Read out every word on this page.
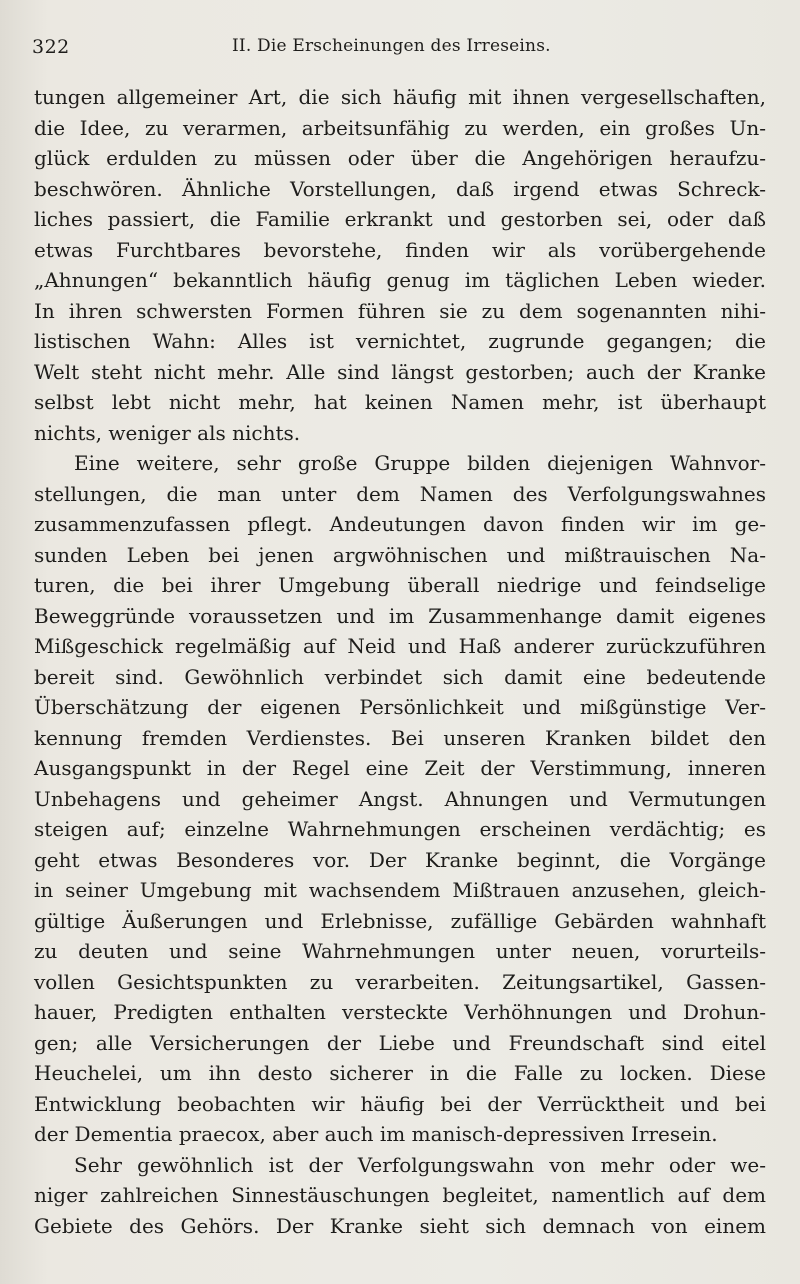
322	II. Die Erscheinungen des Irreseins.
tungen allgemeiner Art, die sich häufig mit ihnen vergesellschaften,
die Idee, zu verarmen, arbeitsunfähig zu werden, ein großes Un-
glück erdulden zu müssen oder über die Angehörigen heraufzu-
beschwören. Ähnliche Vorstellungen, daß irgend etwas Schreck-
liches passiert, die Familie erkrankt und gestorben sei, oder daß
etwas Furchtbares bevorstehe, finden wir als vorübergehende
„Ahnungen“ bekanntlich häufig genug im täglichen Leben wieder.
In ihren schwersten Formen führen sie zu dem sogenannten nihi-
listischen Wahn: Alles ist vernichtet, zugrunde gegangen; die
Welt steht nicht mehr. Alle sind längst gestorben; auch der Kranke
selbst lebt nicht mehr, hat keinen Namen mehr, ist überhaupt
nichts, weniger als nichts.
Eine weitere, sehr große Gruppe bilden diejenigen Wahnvor-
stellungen, die man unter dem Namen des Verfolgungswahnes
zusammenzufassen pflegt. Andeutungen davon finden wir im ge-
sunden Leben bei jenen argwöhnischen und mißtrauischen Na-
turen, die bei ihrer Umgebung überall niedrige und feindselige
Beweggründe voraussetzen und im Zusammenhange damit eigenes
Mißgeschick regelmäßig auf Neid und Haß anderer zurückzuführen
bereit sind. Gewöhnlich verbindet sich damit eine bedeutende
Überschätzung der eigenen Persönlichkeit und mißgünstige Ver-
kennung fremden Verdienstes. Bei unseren Kranken bildet den
Ausgangspunkt in der Regel eine Zeit der Verstimmung, inneren
Unbehagens und geheimer Angst. Ahnungen und Vermutungen
steigen auf; einzelne Wahrnehmungen erscheinen verdächtig; es
geht etwas Besonderes vor. Der Kranke beginnt, die Vorgänge
in seiner Umgebung mit wachsendem Mißtrauen anzusehen, gleich-
gültige Äußerungen und Erlebnisse, zufällige Gebärden wahnhaft
zu deuten und seine Wahrnehmungen unter neuen, vorurteils-
vollen Gesichtspunkten zu verarbeiten. Zeitungsartikel, Gassen-
hauer, Predigten enthalten versteckte Verhöhnungen und Drohun-
gen; alle Versicherungen der Liebe und Freundschaft sind eitel
Heuchelei, um ihn desto sicherer in die Falle zu locken. Diese
Entwicklung beobachten wir häufig bei der Verrücktheit und bei
der Dementia praecox, aber auch im manisch-depressiven Irresein.
Sehr gewöhnlich ist der Verfolgungswahn von mehr oder we-
niger zahlreichen Sinnestäuschungen begleitet, namentlich auf dem
Gebiete des Gehörs. Der Kranke sieht sich demnach von einem
